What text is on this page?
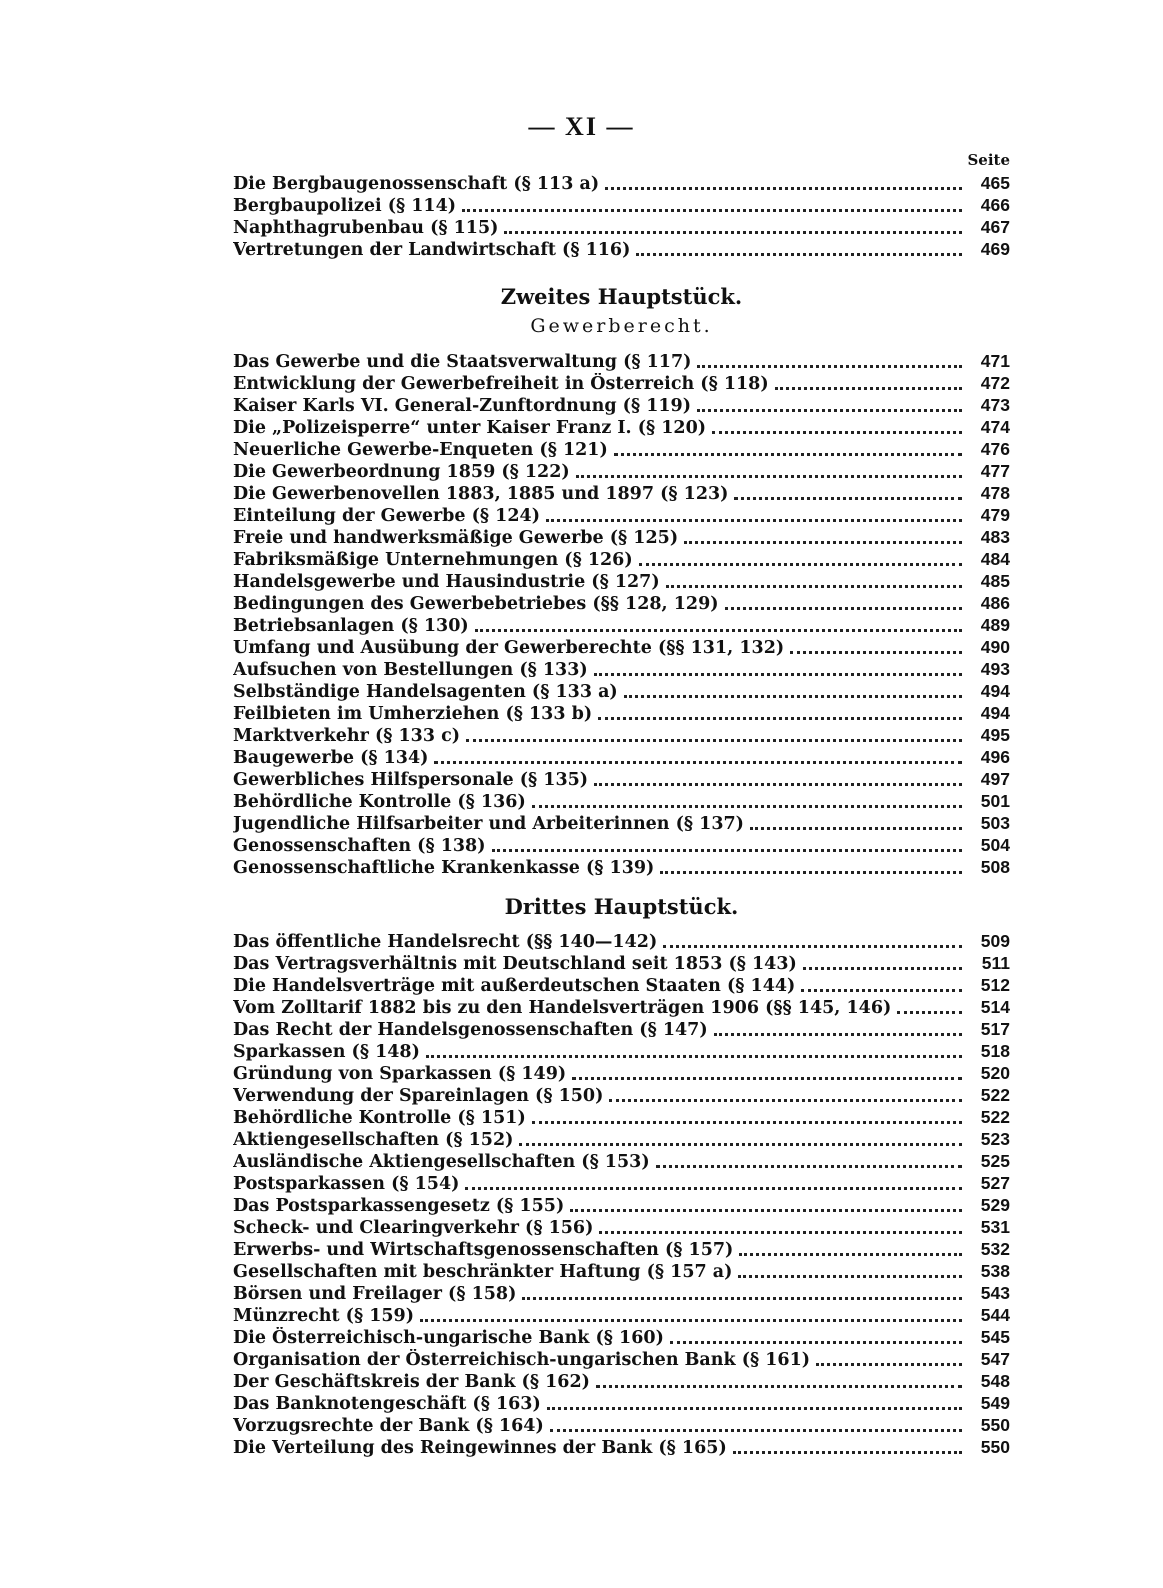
— XI —
Seite
Die Bergbaugenossenschaft (§ 113 a)	465
Bergbaupolizei (§ 114)	466
Naphthagrubenbau (§ 115)	467
Vertretungen der Landwirtschaft (§ 116)	469
Zweites Hauptstück.
Gewerberecht.
Das Gewerbe und die Staatsverwaltung (§ 117)	471
Entwicklung der Gewerbefreiheit in Österreich (§ 118)	472
Kaiser Karls VI. General-Zunftordnung (§ 119)	473
Die „Polizeisperre“ unter Kaiser Franz I. (§ 120)	474
Neuerliche Gewerbe-Enqueten (§ 121)	476
Die Gewerbeordnung 1859 (§ 122)	477
Die Gewerbenovellen 1883, 1885 und 1897 (§ 123)	478
Einteilung der Gewerbe (§ 124)	479
Freie und handwerksmäßige Gewerbe (§ 125)	483
Fabriksmäßige Unternehmungen (§ 126)	484
Handelsgewerbe und Hausindustrie (§ 127)	485
Bedingungen des Gewerbebetriebes (§§ 128, 129)	486
Betriebsanlagen (§ 130)	489
Umfang und Ausübung der Gewerberechte (§§ 131, 132)	490
Aufsuchen von Bestellungen (§ 133)	493
Selbständige Handelsagenten (§ 133 a)	494
Feilbieten im Umherziehen (§ 133 b)	494
Marktverkehr (§ 133 c)	495
Baugewerbe (§ 134)	496
Gewerbliches Hilfspersonale (§ 135)	497
Behördliche Kontrolle (§ 136)	501
Jugendliche Hilfsarbeiter und Arbeiterinnen (§ 137)	503
Genossenschaften (§ 138)	504
Genossenschaftliche Krankenkasse (§ 139)	508
Drittes Hauptstück.
Das öffentliche Handelsrecht (§§ 140—142)	509
Das Vertragsverhältnis mit Deutschland seit 1853 (§ 143)	511
Die Handelsverträge mit außerdeutschen Staaten (§ 144)	512
Vom Zolltarif 1882 bis zu den Handelsverträgen 1906 (§§ 145, 146)	514
Das Recht der Handelsgenossenschaften (§ 147)	517
Sparkassen (§ 148)	518
Gründung von Sparkassen (§ 149)	520
Verwendung der Spareinlagen (§ 150)	522
Behördliche Kontrolle (§ 151)	522
Aktiengesellschaften (§ 152)	523
Ausländische Aktiengesellschaften (§ 153)	525
Postsparkassen (§ 154)	527
Das Postsparkassengesetz (§ 155)	529
Scheck- und Clearingverkehr (§ 156)	531
Erwerbs- und Wirtschaftsgenossenschaften (§ 157)	532
Gesellschaften mit beschränkter Haftung (§ 157 a)	538
Börsen und Freilager (§ 158)	543
Münzrecht (§ 159)	544
Die Österreichisch-ungarische Bank (§ 160)	545
Organisation der Österreichisch-ungarischen Bank (§ 161)	547
Der Geschäftskreis der Bank (§ 162)	548
Das Banknotengeschäft (§ 163)	549
Vorzugsrechte der Bank (§ 164)	550
Die Verteilung des Reingewinnes der Bank (§ 165)	550
